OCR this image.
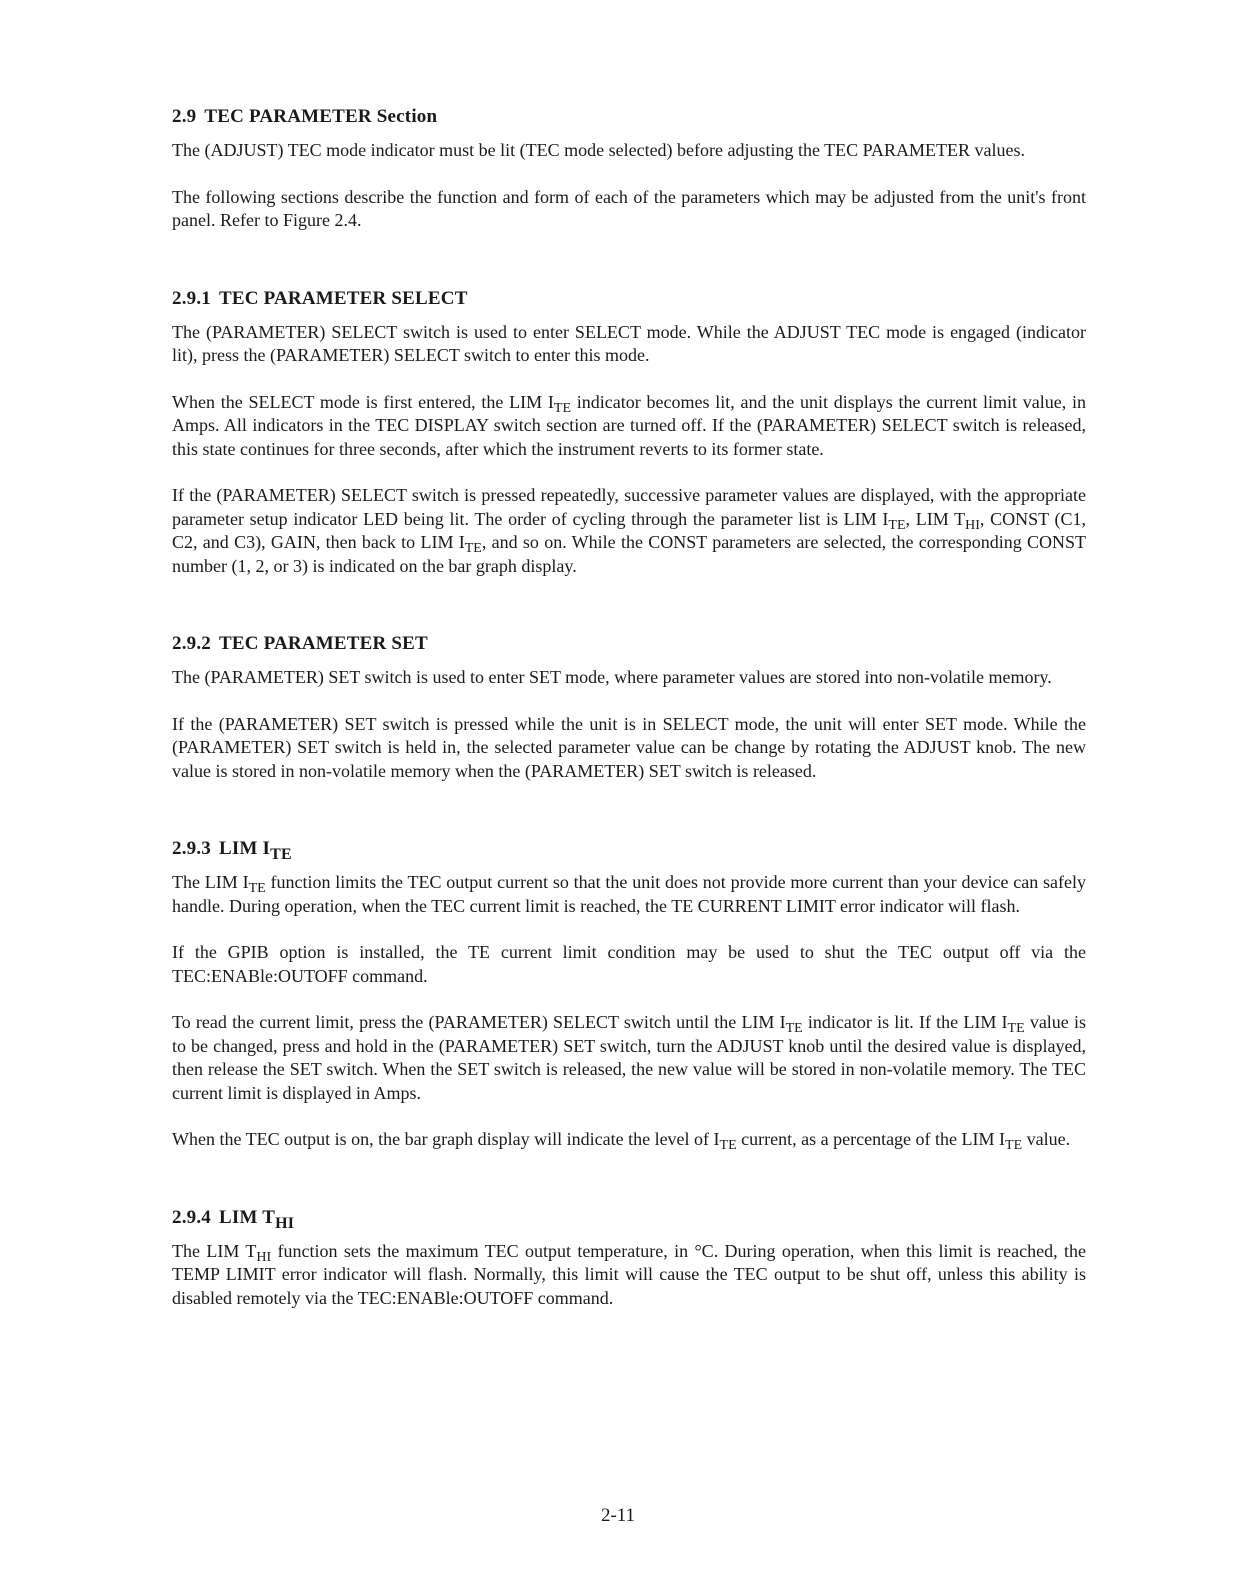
2.9 TEC PARAMETER Section

The (ADJUST) TEC mode indicator must be lit (TEC mode selected) before adjusting the TEC PARAMETER values.

The following sections describe the function and form of each of the parameters which may be adjusted from the unit's front panel. Refer to Figure 2.4.

2.9.1 TEC PARAMETER SELECT

The (PARAMETER) SELECT switch is used to enter SELECT mode. While the ADJUST TEC mode is engaged (indicator lit), press the (PARAMETER) SELECT switch to enter this mode.

When the SELECT mode is first entered, the LIM $I_{TE}$ indicator becomes lit, and the unit displays the current limit value, in Amps. All indicators in the TEC DISPLAY switch section are turned off. If the (PARAMETER) SELECT switch is released, this state continues for three seconds, after which the instrument reverts to its former state.

If the (PARAMETER) SELECT switch is pressed repeatedly, successive parameter values are displayed, with the appropriate parameter setup indicator LED being lit. The order of cycling through the parameter list is LIM $I_{TE}$, LIM $T_{HI}$, CONST (C1, C2, and C3), GAIN, then back to LIM $I_{TE}$, and so on. While the CONST parameters are selected, the corresponding CONST number (1, 2, or 3) is indicated on the bar graph display.

2.9.2 TEC PARAMETER SET

The (PARAMETER) SET switch is used to enter SET mode, where parameter values are stored into non-volatile memory.

If the (PARAMETER) SET switch is pressed while the unit is in SELECT mode, the unit will enter SET mode. While the (PARAMETER) SET switch is held in, the selected parameter value can be change by rotating the ADJUST knob. The new value is stored in non-volatile memory when the (PARAMETER) SET switch is released.

2.9.3 LIM $I_{TE}$

The LIM $I_{TE}$ function limits the TEC output current so that the unit does not provide more current than your device can safely handle. During operation, when the TEC current limit is reached, the TE CURRENT LIMIT error indicator will flash.

If the GPIB option is installed, the TE current limit condition may be used to shut the TEC output off via the TEC:ENABle:OUTOFF command.

To read the current limit, press the (PARAMETER) SELECT switch until the LIM $I_{TE}$ indicator is lit. If the LIM $I_{TE}$ value is to be changed, press and hold in the (PARAMETER) SET switch, turn the ADJUST knob until the desired value is displayed, then release the SET switch. When the SET switch is released, the new value will be stored in non-volatile memory. The TEC current limit is displayed in Amps.

When the TEC output is on, the bar graph display will indicate the level of $I_{TE}$ current, as a percentage of the LIM $I_{TE}$ value.

2.9.4 LIM $T_{HI}$

The LIM $T_{HI}$ function sets the maximum TEC output temperature, in °C. During operation, when this limit is reached, the TEMP LIMIT error indicator will flash. Normally, this limit will cause the TEC output to be shut off, unless this ability is disabled remotely via the TEC:ENABle:OUTOFF command.

2-11
